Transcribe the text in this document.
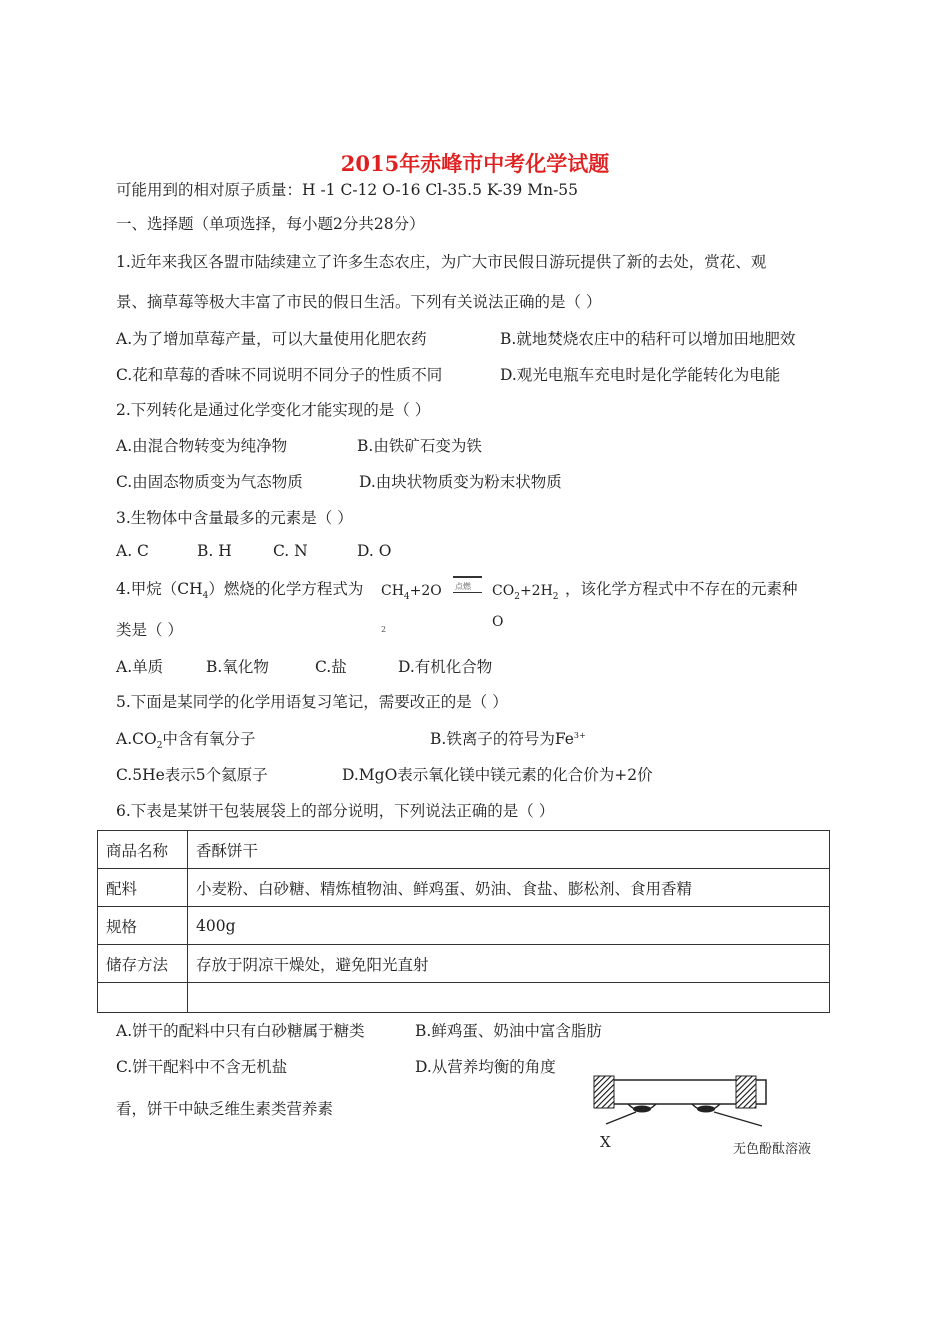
2015年赤峰市中考化学试题
可能用到的相对原子质量：H -1 C-12 O-16 Cl-35.5 K-39 Mn-55
一、选择题（单项选择，每小题2分共28分）
1.近年来我区各盟市陆续建立了许多生态农庄，为广大市民假日游玩提供了新的去处，赏花、观
景、摘草莓等极大丰富了市民的假日生活。下列有关说法正确的是（ ）
A.为了增加草莓产量，可以大量使用化肥农药	B.就地焚烧农庄中的秸秆可以增加田地肥效
C.花和草莓的香味不同说明不同分子的性质不同	D.观光电瓶车充电时是化学能转化为电能
2.下列转化是通过化学变化才能实现的是（ ）
A.由混合物转变为纯净物	B.由铁矿石变为铁
C.由固态物质变为气态物质	D.由块状物质变为粉末状物质
3.生物体中含量最多的元素是（ ）
A. C	B. H	C. N	D. O
4.甲烷$(CH_4)$燃烧的化学方程式为 $CH_4+2O$
2
点燃 $CO_2+2H_2$
O
，该化学方程式中不存在的元素种
类是（ ）
A.单质	B.氧化物	C.盐	D.有机化合物
5.下面是某同学的化学用语复习笔记，需要改正的是（ ）
$A.CO_2$中含有氧分子	B.铁离子的符号为$Fe^{3+}$
C.5He表示5个氦原子	D.MgO表示氧化镁中镁元素的化合价为+2价
6.下表是某饼干包装展袋上的部分说明，下列说法正确的是（ ）
商品名称	香酥饼干
配料	小麦粉、白砂糖、精炼植物油、鲜鸡蛋、奶油、食盐、膨松剂、食用香精
规格	400g
储存方法	存放于阴凉干燥处，避免阳光直射

A.饼干的配料中只有白砂糖属于糖类	B.鲜鸡蛋、奶油中富含脂肪
C.饼干配料中不含无机盐	D.从营养均衡的角度
看，饼干中缺乏维生素类营养素
X	无色酚酞溶液
